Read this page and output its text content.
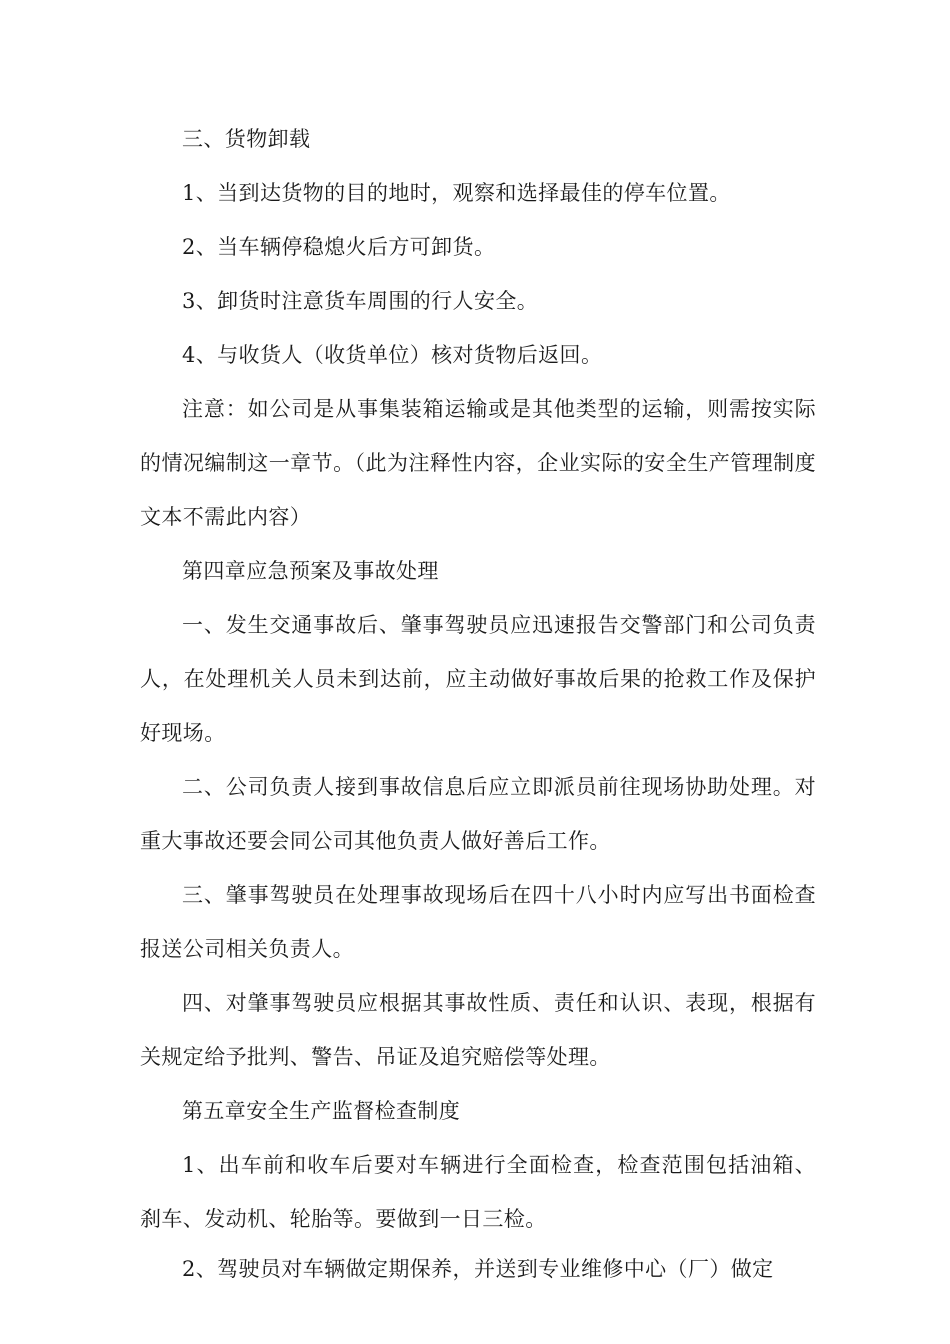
三、货物卸载

1、当到达货物的目的地时，观察和选择最佳的停车位置。

2、当车辆停稳熄火后方可卸货。

3、卸货时注意货车周围的行人安全。

4、与收货人（收货单位）核对货物后返回。

注意：如公司是从事集装箱运输或是其他类型的运输，则需按实际的情况编制这一章节。（此为注释性内容，企业实际的安全生产管理制度文本不需此内容）

第四章应急预案及事故处理

一、发生交通事故后、肇事驾驶员应迅速报告交警部门和公司负责人，在处理机关人员未到达前，应主动做好事故后果的抢救工作及保护好现场。

二、公司负责人接到事故信息后应立即派员前往现场协助处理。对重大事故还要会同公司其他负责人做好善后工作。

三、肇事驾驶员在处理事故现场后在四十八小时内应写出书面检查报送公司相关负责人。

四、对肇事驾驶员应根据其事故性质、责任和认识、表现，根据有关规定给予批判、警告、吊证及追究赔偿等处理。

第五章安全生产监督检查制度

1、出车前和收车后要对车辆进行全面检查，检查范围包括油箱、刹车、发动机、轮胎等。要做到一日三检。

2、驾驶员对车辆做定期保养，并送到专业维修中心（厂）做定
